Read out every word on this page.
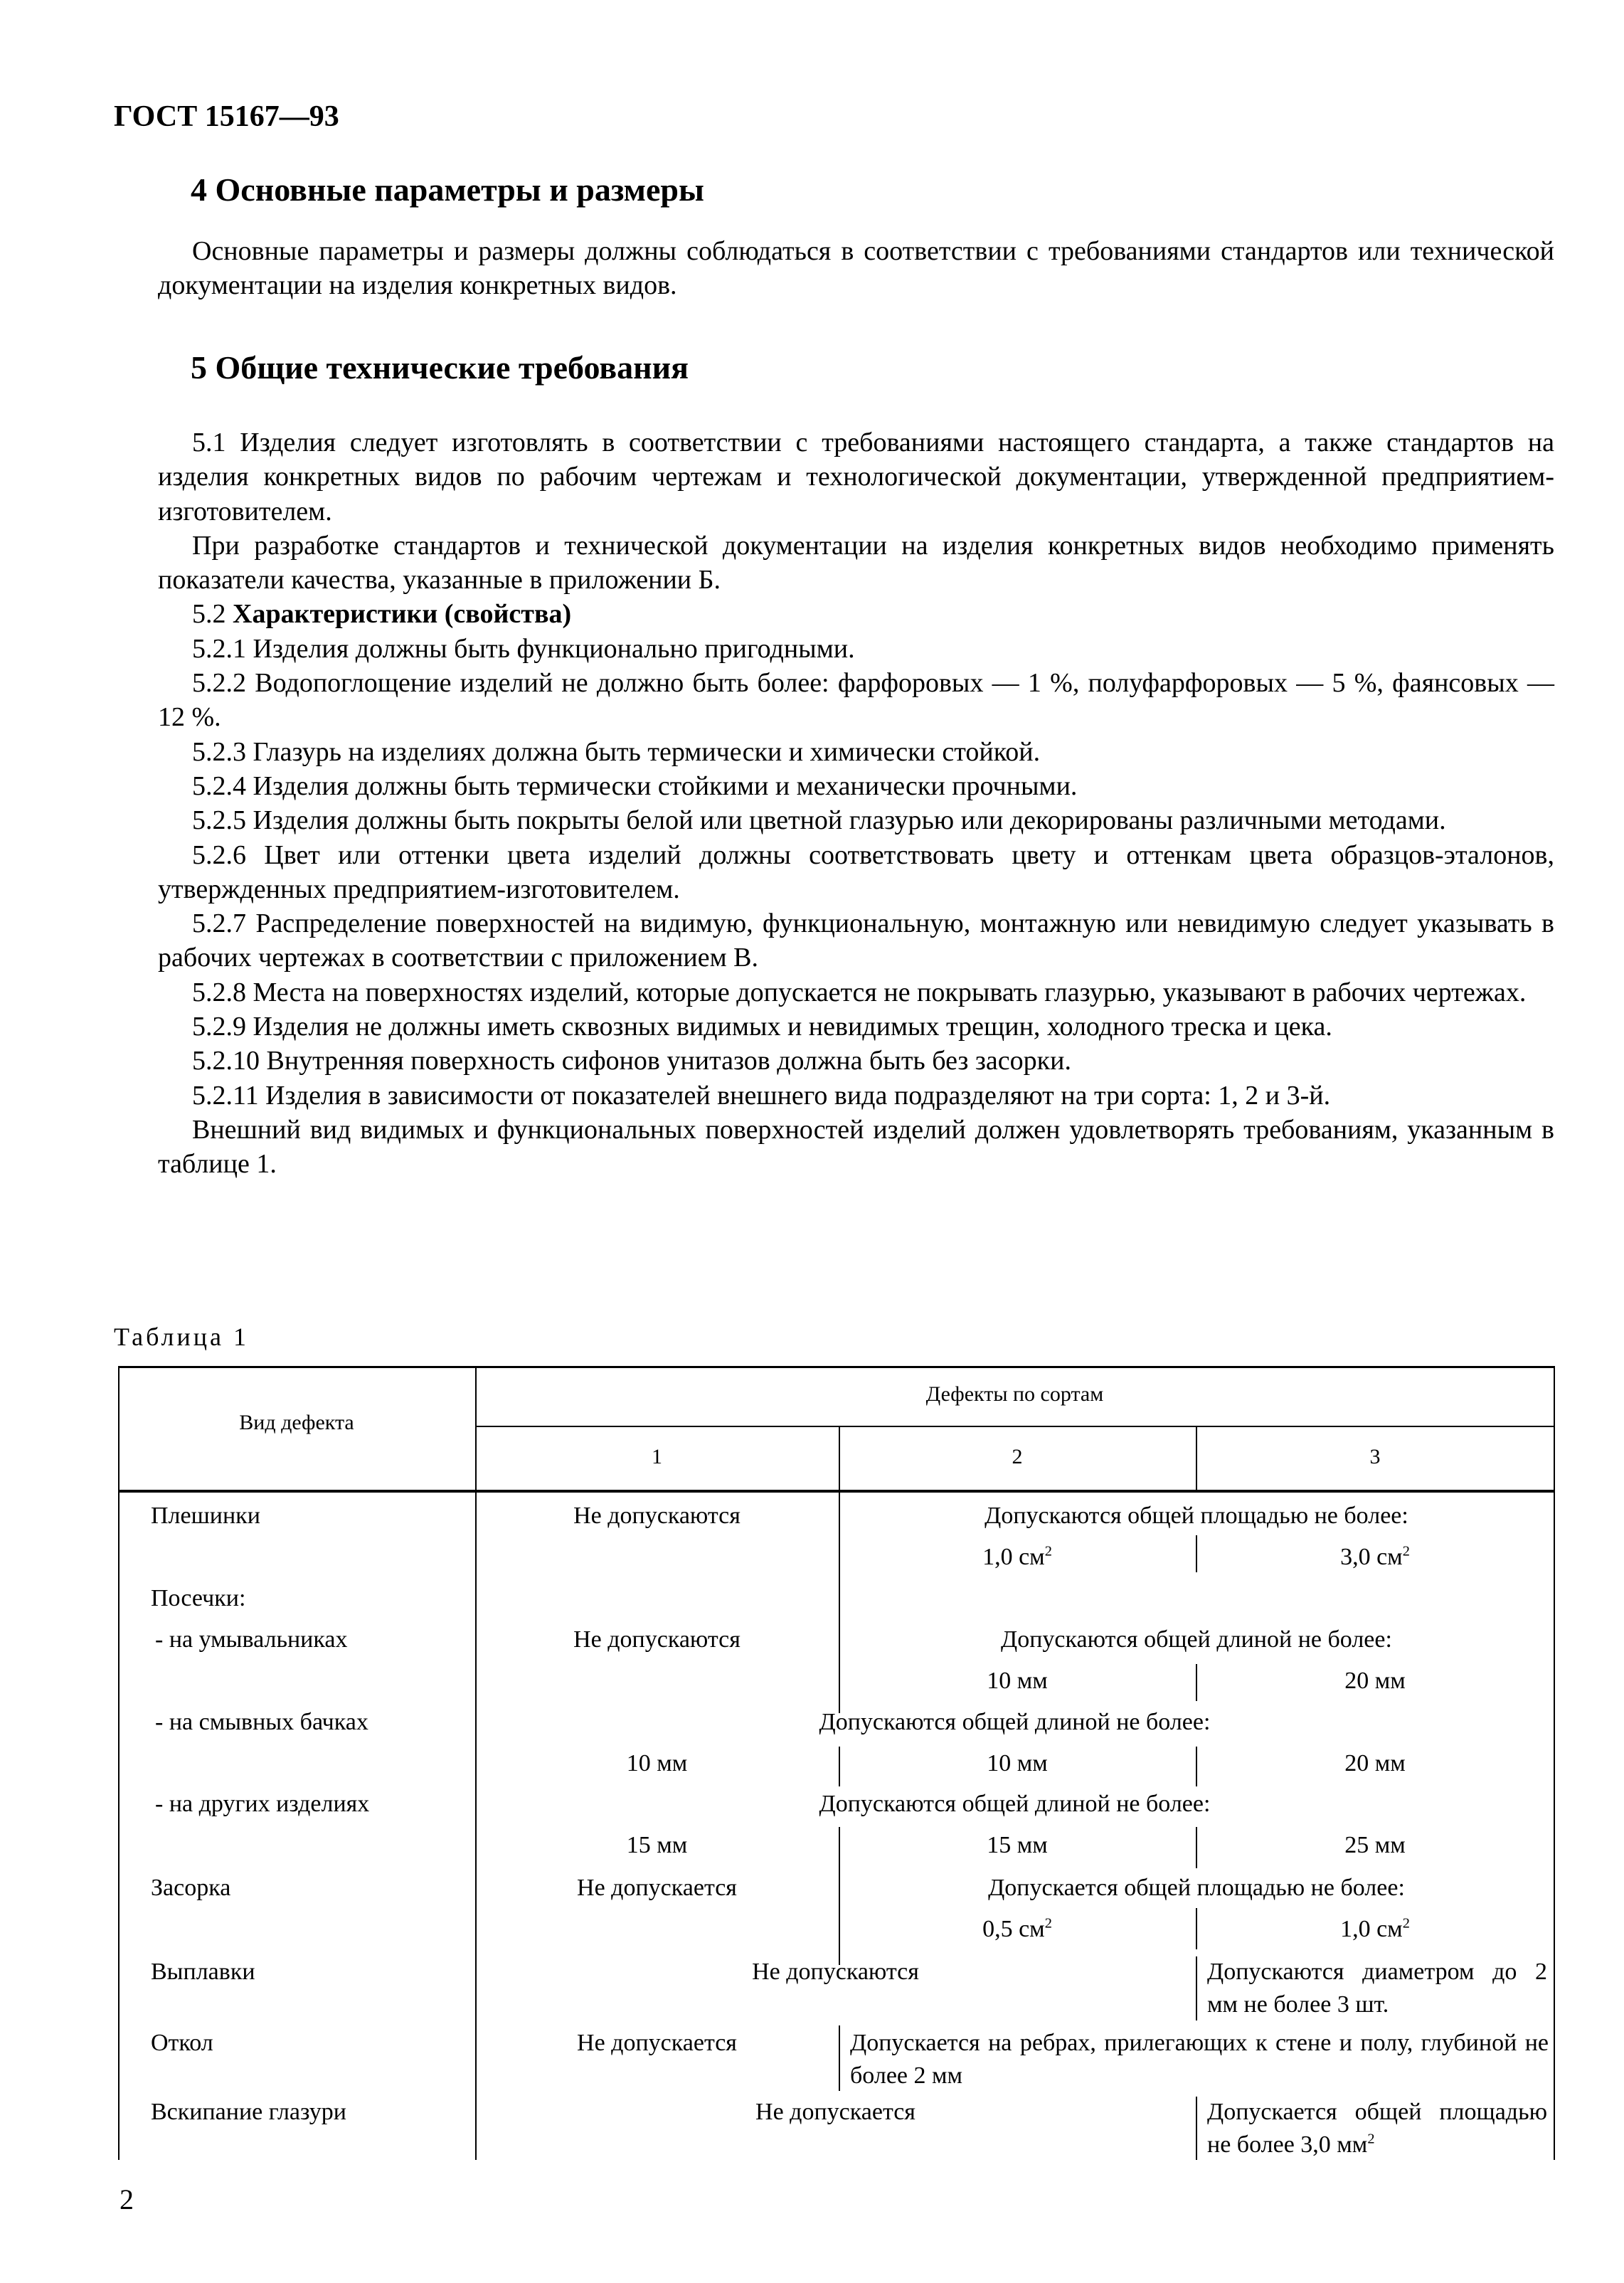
ГОСТ 15167—93
4 Основные параметры и размеры

Основные параметры и размеры должны соблюдаться в соответствии с требованиями стандартов или технической документации на изделия конкретных видов.

5 Общие технические требования

5.1 Изделия следует изготовлять в соответствии с требованиями настоящего стандарта, а также стандартов на изделия конкретных видов по рабочим чертежам и технологической документации, утвержденной предприятием-изготовителем.

При разработке стандартов и технической документации на изделия конкретных видов необходимо применять показатели качества, указанные в приложении Б.

5.2 Характеристики (свойства)

5.2.1 Изделия должны быть функционально пригодными.

5.2.2 Водопоглощение изделий не должно быть более: фарфоровых — 1 %, полуфарфоровых — 5 %, фаянсовых — 12 %.

5.2.3 Глазурь на изделиях должна быть термически и химически стойкой.

5.2.4 Изделия должны быть термически стойкими и механически прочными.

5.2.5 Изделия должны быть покрыты белой или цветной глазурью или декорированы различными методами.

5.2.6 Цвет или оттенки цвета изделий должны соответствовать цвету и оттенкам цвета образцов-эталонов, утвержденных предприятием-изготовителем.

5.2.7 Распределение поверхностей на видимую, функциональную, монтажную или невидимую следует указывать в рабочих чертежах в соответствии с приложением В.

5.2.8 Места на поверхностях изделий, которые допускается не покрывать глазурью, указывают в рабочих чертежах.

5.2.9 Изделия не должны иметь сквозных видимых и невидимых трещин, холодного треска и цека.

5.2.10 Внутренняя поверхность сифонов унитазов должна быть без засорки.

5.2.11 Изделия в зависимости от показателей внешнего вида подразделяют на три сорта: 1, 2 и 3-й.

Внешний вид видимых и функциональных поверхностей изделий должен удовлетворять требованиям, указанным в таблице 1.

Таблица 1
Вид дефекта
Дефекты по сортам
1	2	3
Плешинки	Не допускаются	Допускаются общей площадью не более:
1,0 $см^2$	3,0 $см^2$
Посечки:
- на умывальниках	Не допускаются	Допускаются общей длиной не более:
10 мм	20 мм
- на смывных бачках	Допускаются общей длиной не более:
10 мм	10 мм	20 мм
- на других изделиях	Допускаются общей длиной не более:
15 мм	15 мм	25 мм
Засорка	Не допускается	Допускается общей площадью не более:
0,5 $см^2$	1,0 $см^2$
Выплавки	Не допускаются	Допускаются диаметром до 2 мм не более 3 шт.
Откол	Не допускается	Допускается на ребрах, прилегающих к стене и полу, глубиной не более 2 мм
Вскипание глазури	Не допускается	Допускается общей площадью не более 3,0 $мм^2$
2
